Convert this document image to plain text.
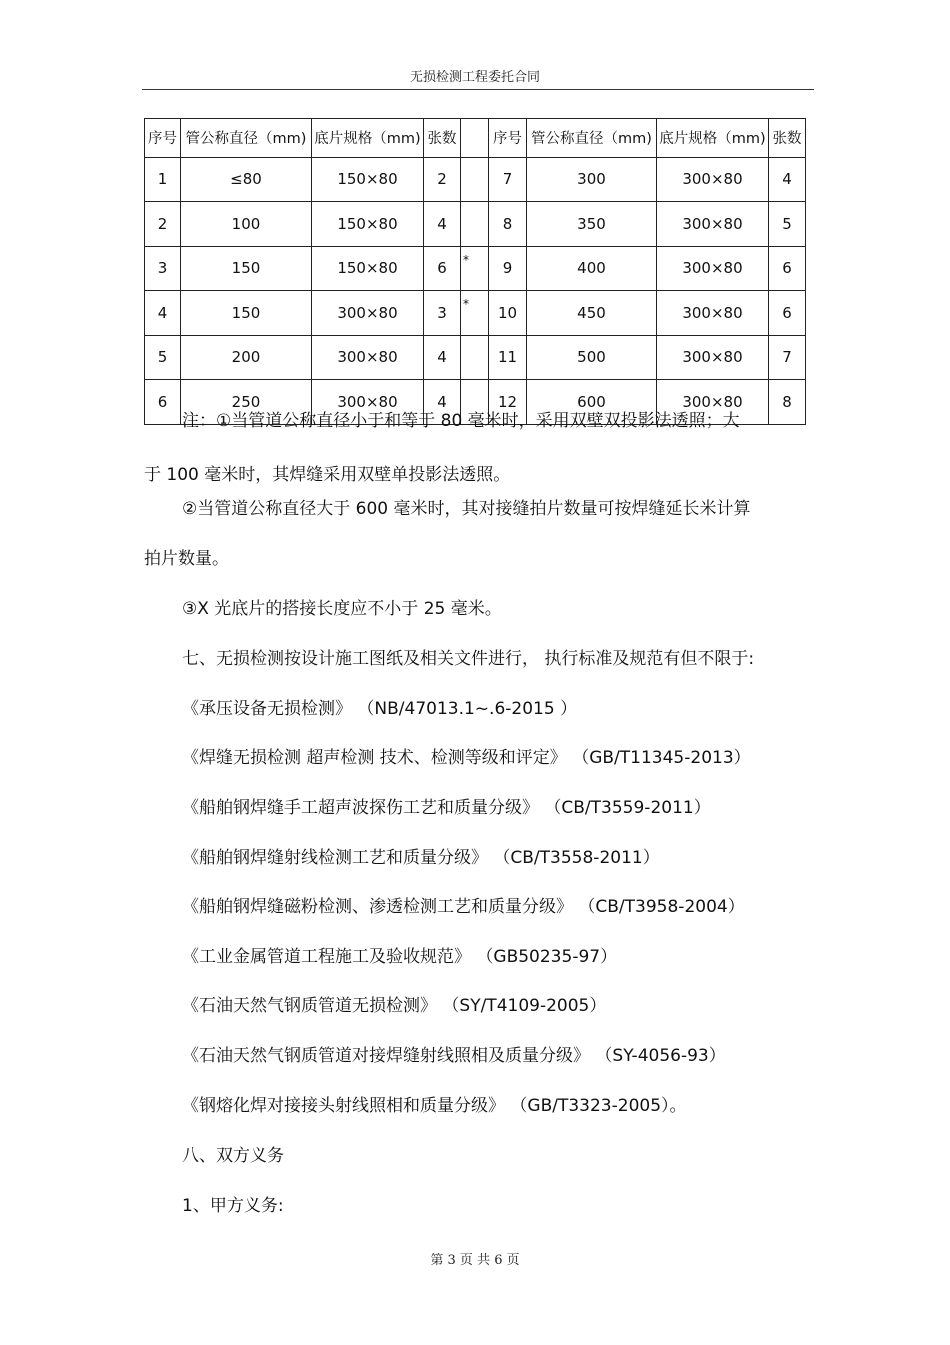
无损检测工程委托合同
序号	管公称直径（mm)	底片规格（mm)	张数		序号	管公称直径（mm)	底片规格（mm)	张数
1	≤80	150×80	2		7	300	300×80	4
2	100	150×80	4		8	350	300×80	5
3	150	150×80	6	*	9	400	300×80	6
4	150	300×80	3	*	10	450	300×80	6
5	200	300×80	4		11	500	300×80	7
6	250	300×80	4		12	600	300×80	8
注：①当管道公称直径小于和等于 80 毫米时，采用双壁双投影法透照；大
于 100 毫米时，其焊缝采用双壁单投影法透照。
②当管道公称直径大于 600 毫米时，其对接缝拍片数量可按焊缝延长米计算
拍片数量。
③X 光底片的搭接长度应不小于 25 毫米。
七、无损检测按设计施工图纸及相关文件进行， 执行标准及规范有但不限于:
《承压设备无损检测》 （NB/47013.1~.6-2015 ）
《焊缝无损检测 超声检测 技术、检测等级和评定》 （GB/T11345-2013）
《船舶钢焊缝手工超声波探伤工艺和质量分级》 （CB/T3559-2011）
《船舶钢焊缝射线检测工艺和质量分级》 （CB/T3558-2011）
《船舶钢焊缝磁粉检测、渗透检测工艺和质量分级》 （CB/T3958-2004）
《工业金属管道工程施工及验收规范》 （GB50235-97）
《石油天然气钢质管道无损检测》 （SY/T4109-2005）
《石油天然气钢质管道对接焊缝射线照相及质量分级》 （SY-4056-93）
《钢熔化焊对接接头射线照相和质量分级》 （GB/T3323-2005）。
八、双方义务
1、甲方义务:
第 3 页 共 6 页
